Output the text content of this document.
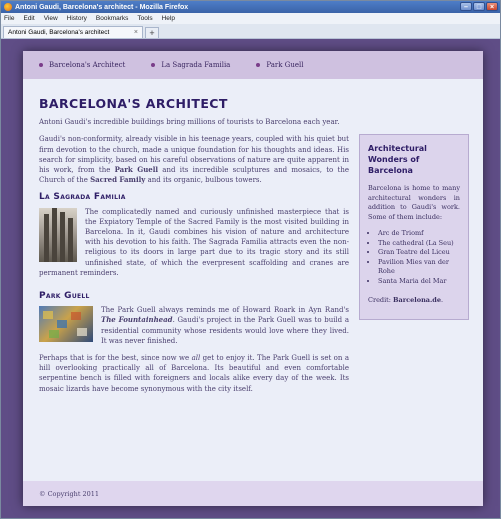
Antoni Gaudi, Barcelona's architect - Mozilla Firefox	–	□	×
File Edit View History Bookmarks Tools Help
Antoni Gaudi, Barcelona's architect	×	+
Barcelona's Architect	La Sagrada Familia	Park Guell
BARCELONA'S ARCHITECT

Antoni Gaudi's incredible buildings bring millions of tourists to Barcelona each year.

Gaudi's non-conformity, already visible in his teenage years, coupled with his quiet but firm devotion to the church, made a unique foundation for his thoughts and ideas. His search for simplicity, based on his careful observations of nature are quite apparent in his work, from the Park Guell and its incredible sculptures and mosaics, to the Church of the Sacred Family and its organic, bulbous towers.

La Sagrada Familia

The complicatedly named and curiously unfinished masterpiece that is the Expiatory Temple of the Sacred Family is the most visited building in Barcelona. In it, Gaudi combines his vision of nature and architecture with his devotion to his faith. The Sagrada Familia attracts even the non-religious to its doors in large part due to its tragic story and its still unfinished state, of which the everpresent scaffolding and cranes are permanent reminders.

Park Guell

The Park Guell always reminds me of Howard Roark in Ayn Rand's The Fountainhead. Gaudi's project in the Park Guell was to build a residential community whose residents would love where they lived. It was never finished.

Perhaps that is for the best, since now we all get to enjoy it. The Park Guell is set on a hill overlooking practically all of Barcelona. Its beautiful and even comfortable serpentine bench is filled with foreigners and locals alike every day of the week. Its mosaic lizards have become synonymous with the city itself.

Architectural Wonders of Barcelona

Barcelona is home to many architectural wonders in addition to Gaudi's work. Some of them include:

• Arc de Triomf
• The cathedral (La Seu)
• Gran Teatre del Liceu
• Pavilion Mies van der Rohe
• Santa Maria del Mar

Credit: Barcelona.de.

© Copyright 2011
